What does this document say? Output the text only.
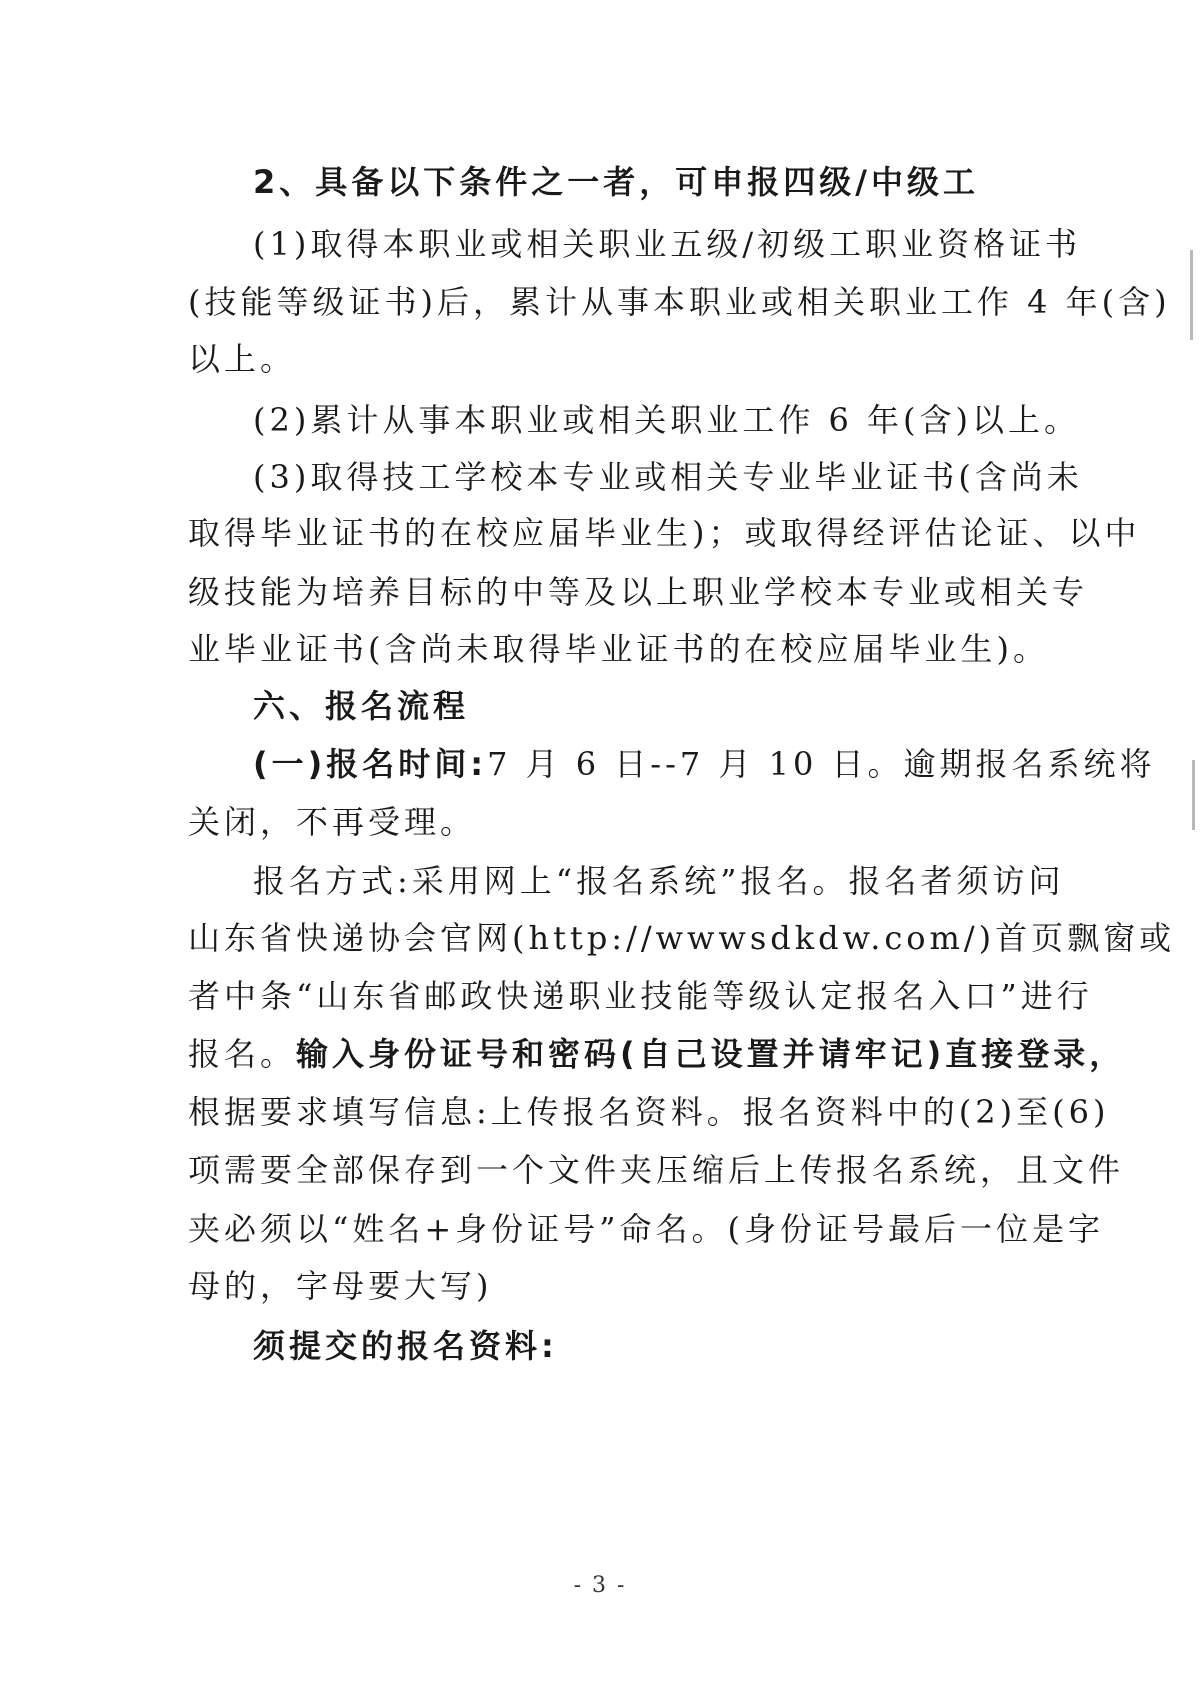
2、具备以下条件之一者，可申报四级/中级工
(1)取得本职业或相关职业五级/初级工职业资格证书
(技能等级证书)后，累计从事本职业或相关职业工作 4 年(含)
以上。
(2)累计从事本职业或相关职业工作 6 年(含)以上。
(3)取得技工学校本专业或相关专业毕业证书(含尚未
取得毕业证书的在校应届毕业生)；或取得经评估论证、以中
级技能为培养目标的中等及以上职业学校本专业或相关专
业毕业证书(含尚未取得毕业证书的在校应届毕业生)。
六、报名流程
(一)报名时间:7 月 6 日--7 月 10 日。逾期报名系统将
关闭，不再受理。
报名方式:采用网上“报名系统”报名。报名者须访问
山东省快递协会官网(http://wwwsdkdw.com/)首页飘窗或
者中条“山东省邮政快递职业技能等级认定报名入口”进行
报名。输入身份证号和密码(自己设置并请牢记)直接登录，
根据要求填写信息:上传报名资料。报名资料中的(2)至(6)
项需要全部保存到一个文件夹压缩后上传报名系统，且文件
夹必须以“姓名+身份证号”命名。(身份证号最后一位是字
母的，字母要大写)
须提交的报名资料:
- 3 -
